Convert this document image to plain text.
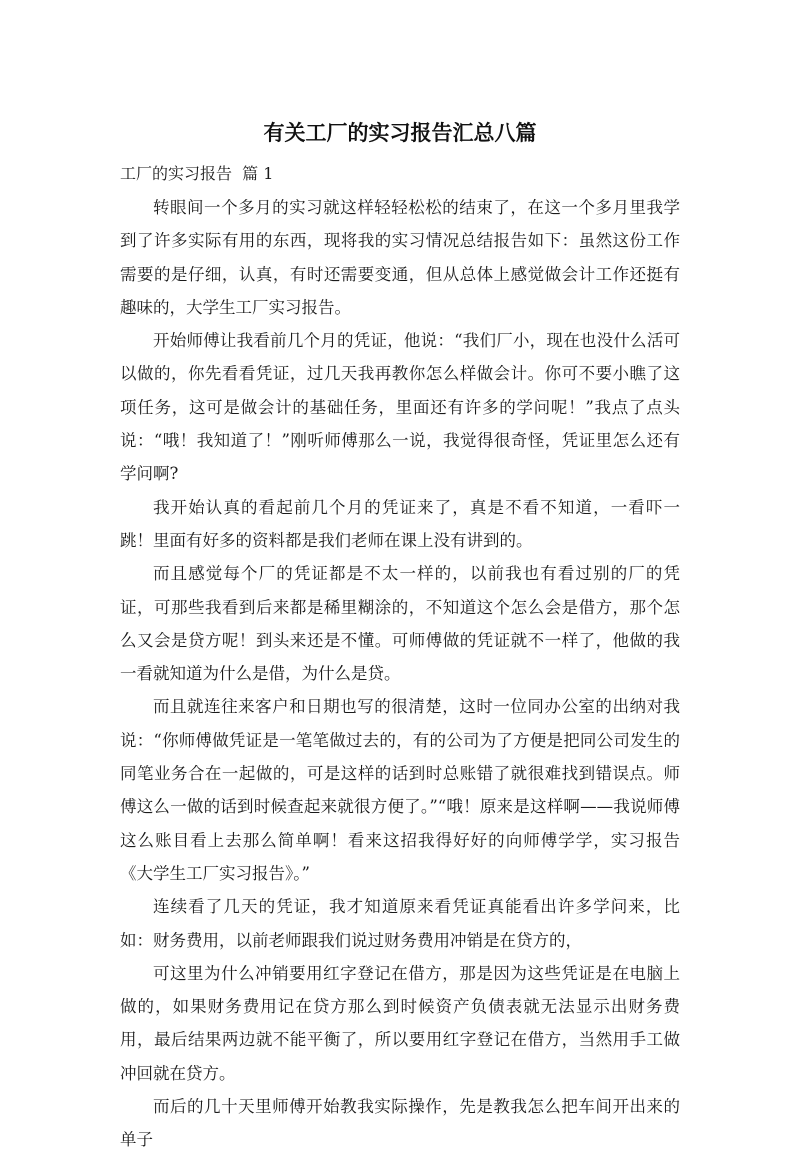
有关工厂的实习报告汇总八篇
工厂的实习报告  篇 1

转眼间一个多月的实习就这样轻轻松松的结束了，在这一个多月里我学到了许多实际有用的东西，现将我的实习情况总结报告如下：虽然这份工作需要的是仔细，认真，有时还需要变通，但从总体上感觉做会计工作还挺有趣味的，大学生工厂实习报告。

开始师傅让我看前几个月的凭证，他说：“我们厂小，现在也没什么活可以做的，你先看看凭证，过几天我再教你怎么样做会计。你可不要小瞧了这项任务，这可是做会计的基础任务，里面还有许多的学问呢！”我点了点头说：“哦！我知道了！”刚听师傅那么一说，我觉得很奇怪，凭证里怎么还有学问啊?

我开始认真的看起前几个月的凭证来了，真是不看不知道，一看吓一跳！里面有好多的资料都是我们老师在课上没有讲到的。

而且感觉每个厂的凭证都是不太一样的，以前我也有看过别的厂的凭证，可那些我看到后来都是稀里糊涂的，不知道这个怎么会是借方，那个怎么又会是贷方呢！到头来还是不懂。可师傅做的凭证就不一样了，他做的我一看就知道为什么是借，为什么是贷。

而且就连往来客户和日期也写的很清楚，这时一位同办公室的出纳对我说：“你师傅做凭证是一笔笔做过去的，有的公司为了方便是把同公司发生的同笔业务合在一起做的，可是这样的话到时总账错了就很难找到错误点。师傅这么一做的话到时候查起来就很方便了。”“哦！原来是这样啊——我说师傅这么账目看上去那么简单啊！看来这招我得好好的向师傅学学，实习报告《大学生工厂实习报告》。”

连续看了几天的凭证，我才知道原来看凭证真能看出许多学问来，比如：财务费用，以前老师跟我们说过财务费用冲销是在贷方的，

可这里为什么冲销要用红字登记在借方，那是因为这些凭证是在电脑上做的，如果财务费用记在贷方那么到时候资产负债表就无法显示出财务费用，最后结果两边就不能平衡了，所以要用红字登记在借方，当然用手工做冲回就在贷方。

而后的几十天里师傅开始教我实际操作，先是教我怎么把车间开出来的单子
